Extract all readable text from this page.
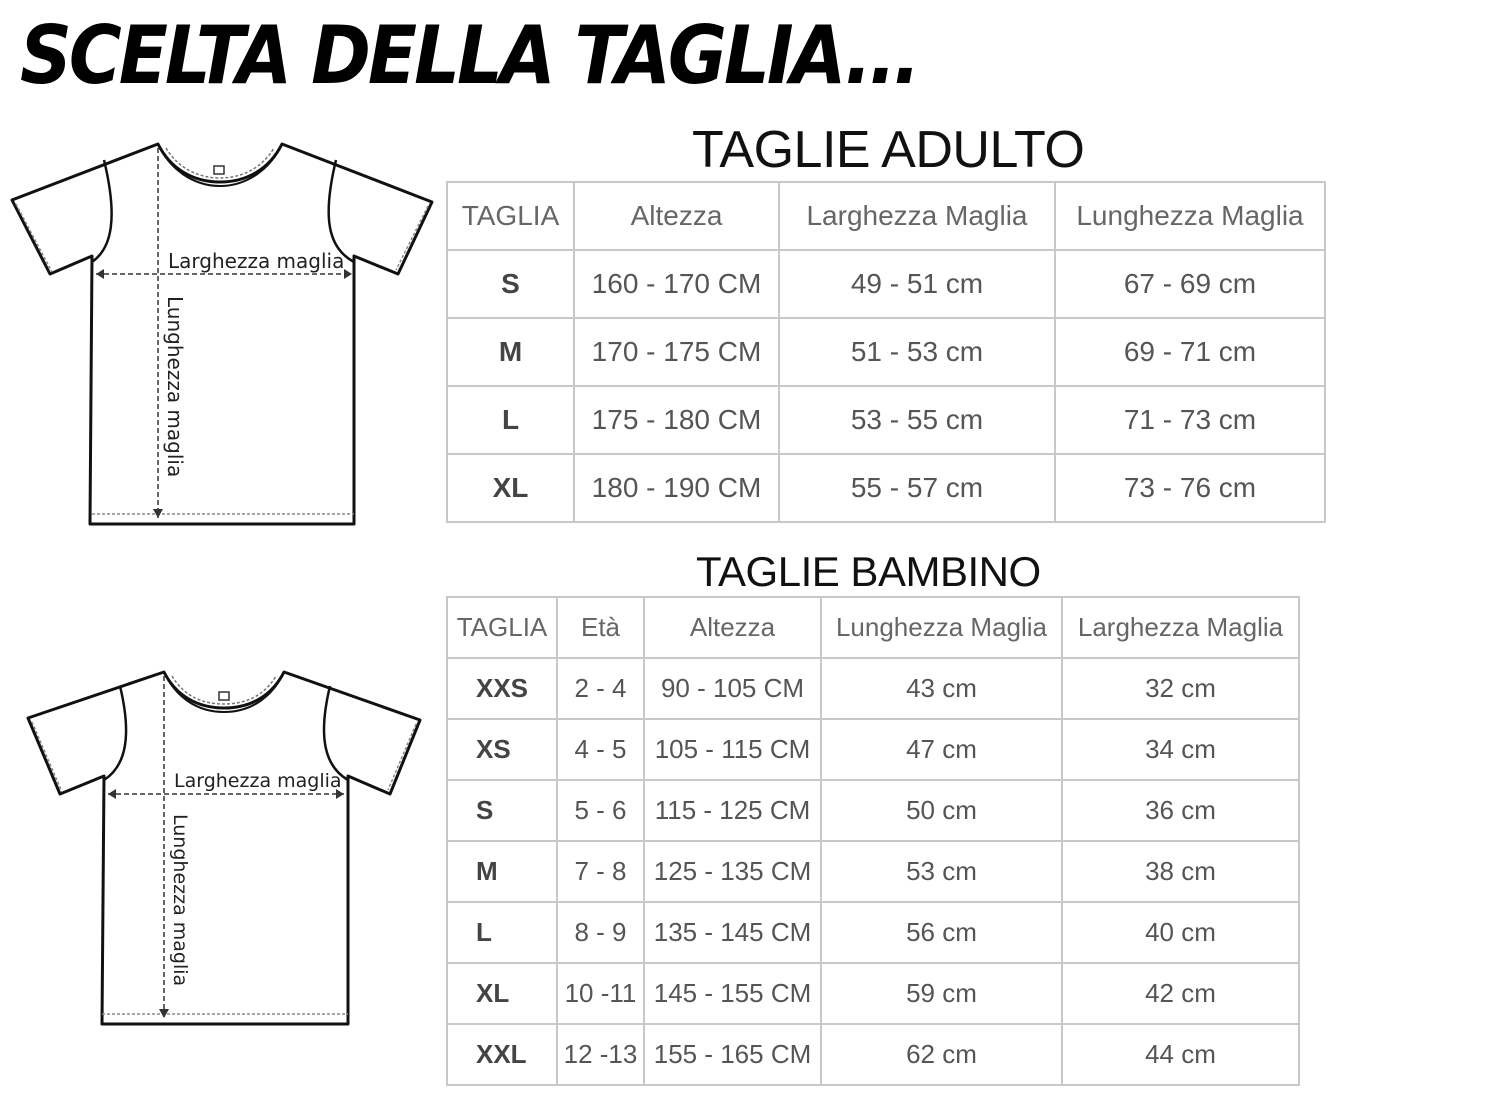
SCELTA DELLA TAGLIA...
Larghezza maglia
Lunghezza maglia
TAGLIE ADULTO
TAGLIA	Altezza	Larghezza Maglia	Lunghezza Maglia
S	160 - 170 CM	49 - 51 cm	67 - 69 cm
M	170 - 175 CM	51 - 53 cm	69 - 71 cm
L	175 - 180 CM	53 - 55 cm	71 - 73 cm
XL	180 - 190 CM	55 - 57 cm	73 - 76 cm
Larghezza maglia
Lunghezza maglia
TAGLIE BAMBINO
TAGLIA	Età	Altezza	Lunghezza Maglia	Larghezza Maglia
XXS	2 - 4	90 - 105 CM	43 cm	32 cm
XS	4 - 5	105 - 115 CM	47 cm	34 cm
S	5 - 6	115 - 125 CM	50 cm	36 cm
M	7 - 8	125 - 135 CM	53 cm	38 cm
L	8 - 9	135 - 145 CM	56 cm	40 cm
XL	10 -11	145 - 155 CM	59 cm	42 cm
XXL	12 -13	155 - 165 CM	62 cm	44 cm
